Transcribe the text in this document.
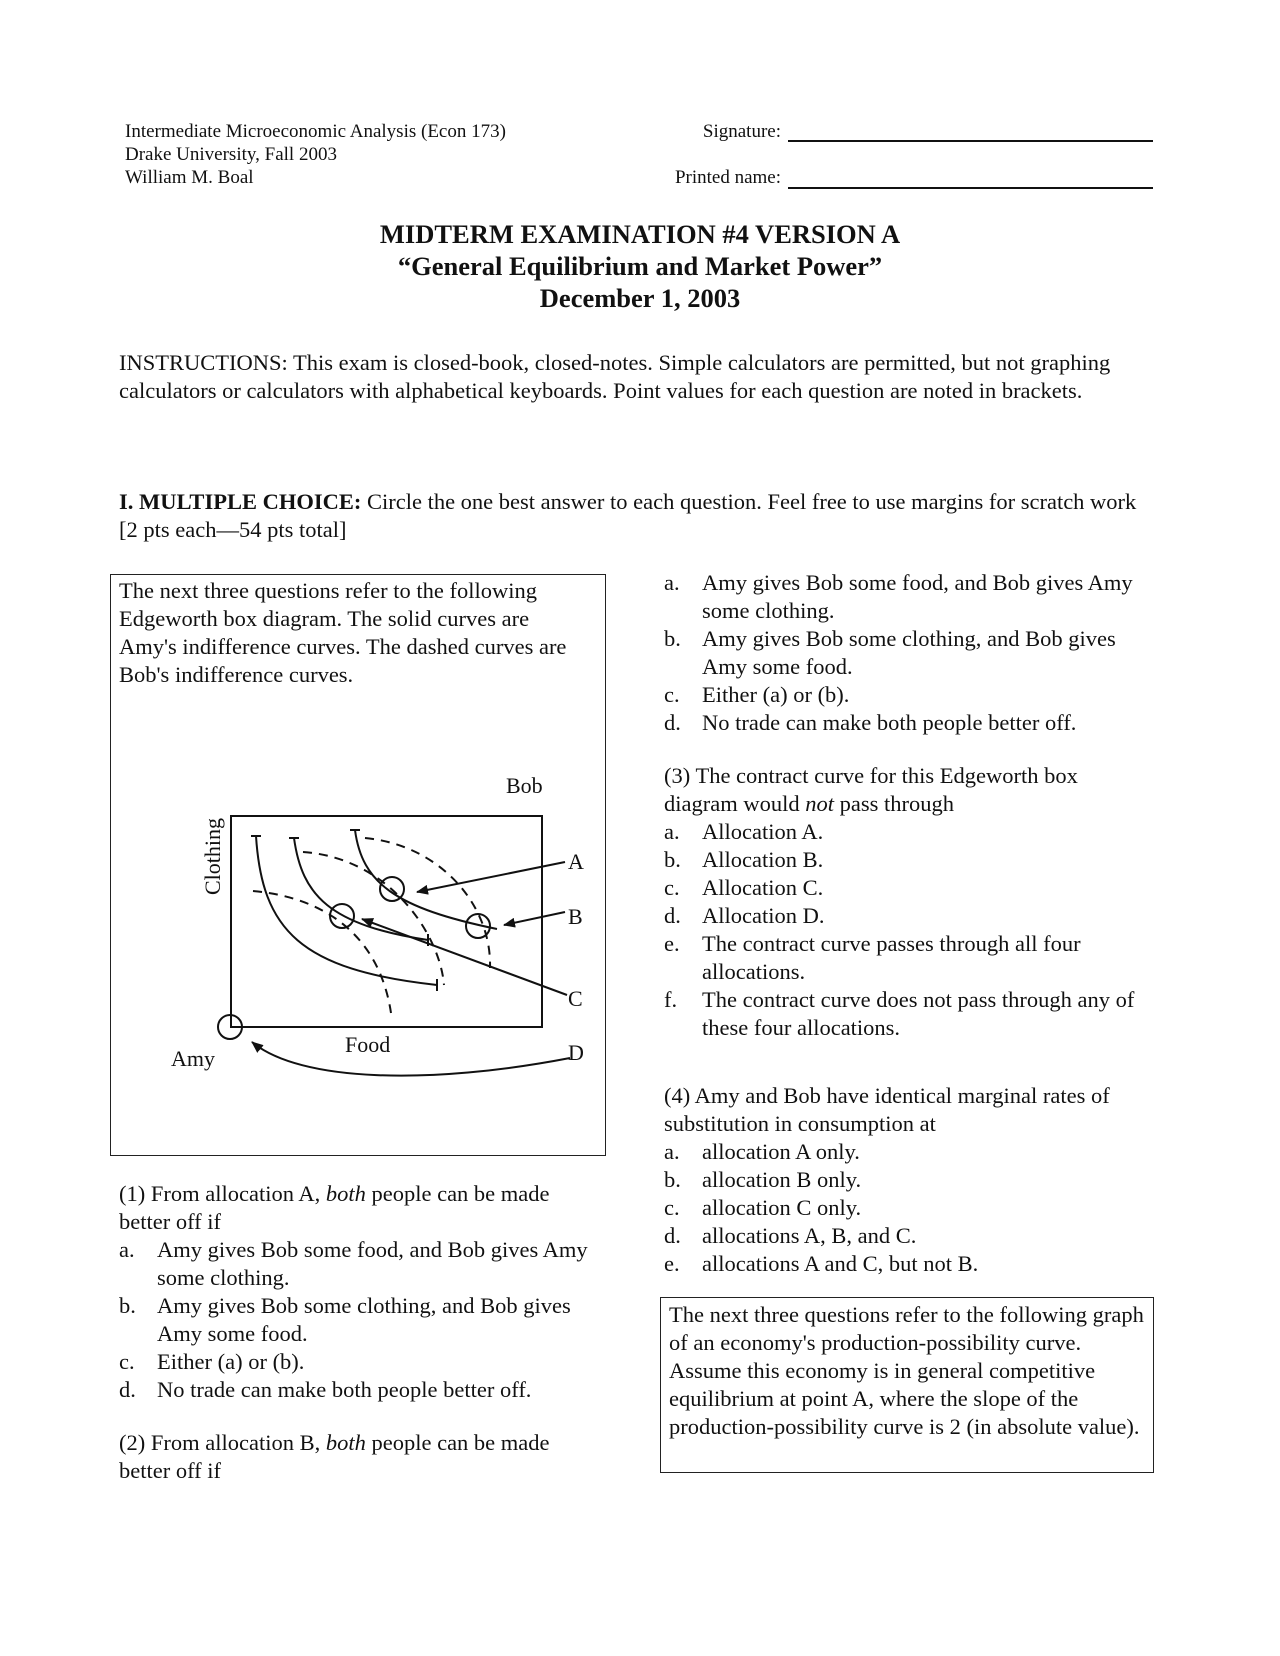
Intermediate Microeconomic Analysis (Econ 173)
Drake University, Fall 2003
William M. Boal
Signature:
Printed name:
MIDTERM EXAMINATION #4 VERSION A
“General Equilibrium and Market Power”
December 1, 2003
INSTRUCTIONS: This exam is closed-book, closed-notes. Simple calculators are permitted, but not graphing calculators or calculators with alphabetical keyboards. Point values for each question are noted in brackets.
I. MULTIPLE CHOICE: Circle the one best answer to each question. Feel free to use margins for scratch work [2 pts each—54 pts total]
The next three questions refer to the following Edgeworth box diagram. The solid curves are Amy's indifference curves. The dashed curves are Bob's indifference curves.
Bob
Amy
Food
Clothing	A
B
C
D
(1) From allocation A, both people can be made better off if
a. Amy gives Bob some food, and Bob gives Amy some clothing.
b. Amy gives Bob some clothing, and Bob gives Amy some food.
c. Either (a) or (b).
d. No trade can make both people better off.
(2) From allocation B, both people can be made better off if
a. Amy gives Bob some food, and Bob gives Amy some clothing.
b. Amy gives Bob some clothing, and Bob gives Amy some food.
c. Either (a) or (b).
d. No trade can make both people better off.
(3) The contract curve for this Edgeworth box diagram would not pass through
a. Allocation A.
b. Allocation B.
c. Allocation C.
d. Allocation D.
e. The contract curve passes through all four allocations.
f.	The contract curve does not pass through any of these four allocations.
(4) Amy and Bob have identical marginal rates of substitution in consumption at
a. allocation A only.
b. allocation B only.
c. allocation C only.
d. allocations A, B, and C.
e. allocations A and C, but not B.
The next three questions refer to the following graph of an economy's production-possibility curve. Assume this economy is in general competitive equilibrium at point A, where the slope of the production-possibility curve is 2 (in absolute value).
